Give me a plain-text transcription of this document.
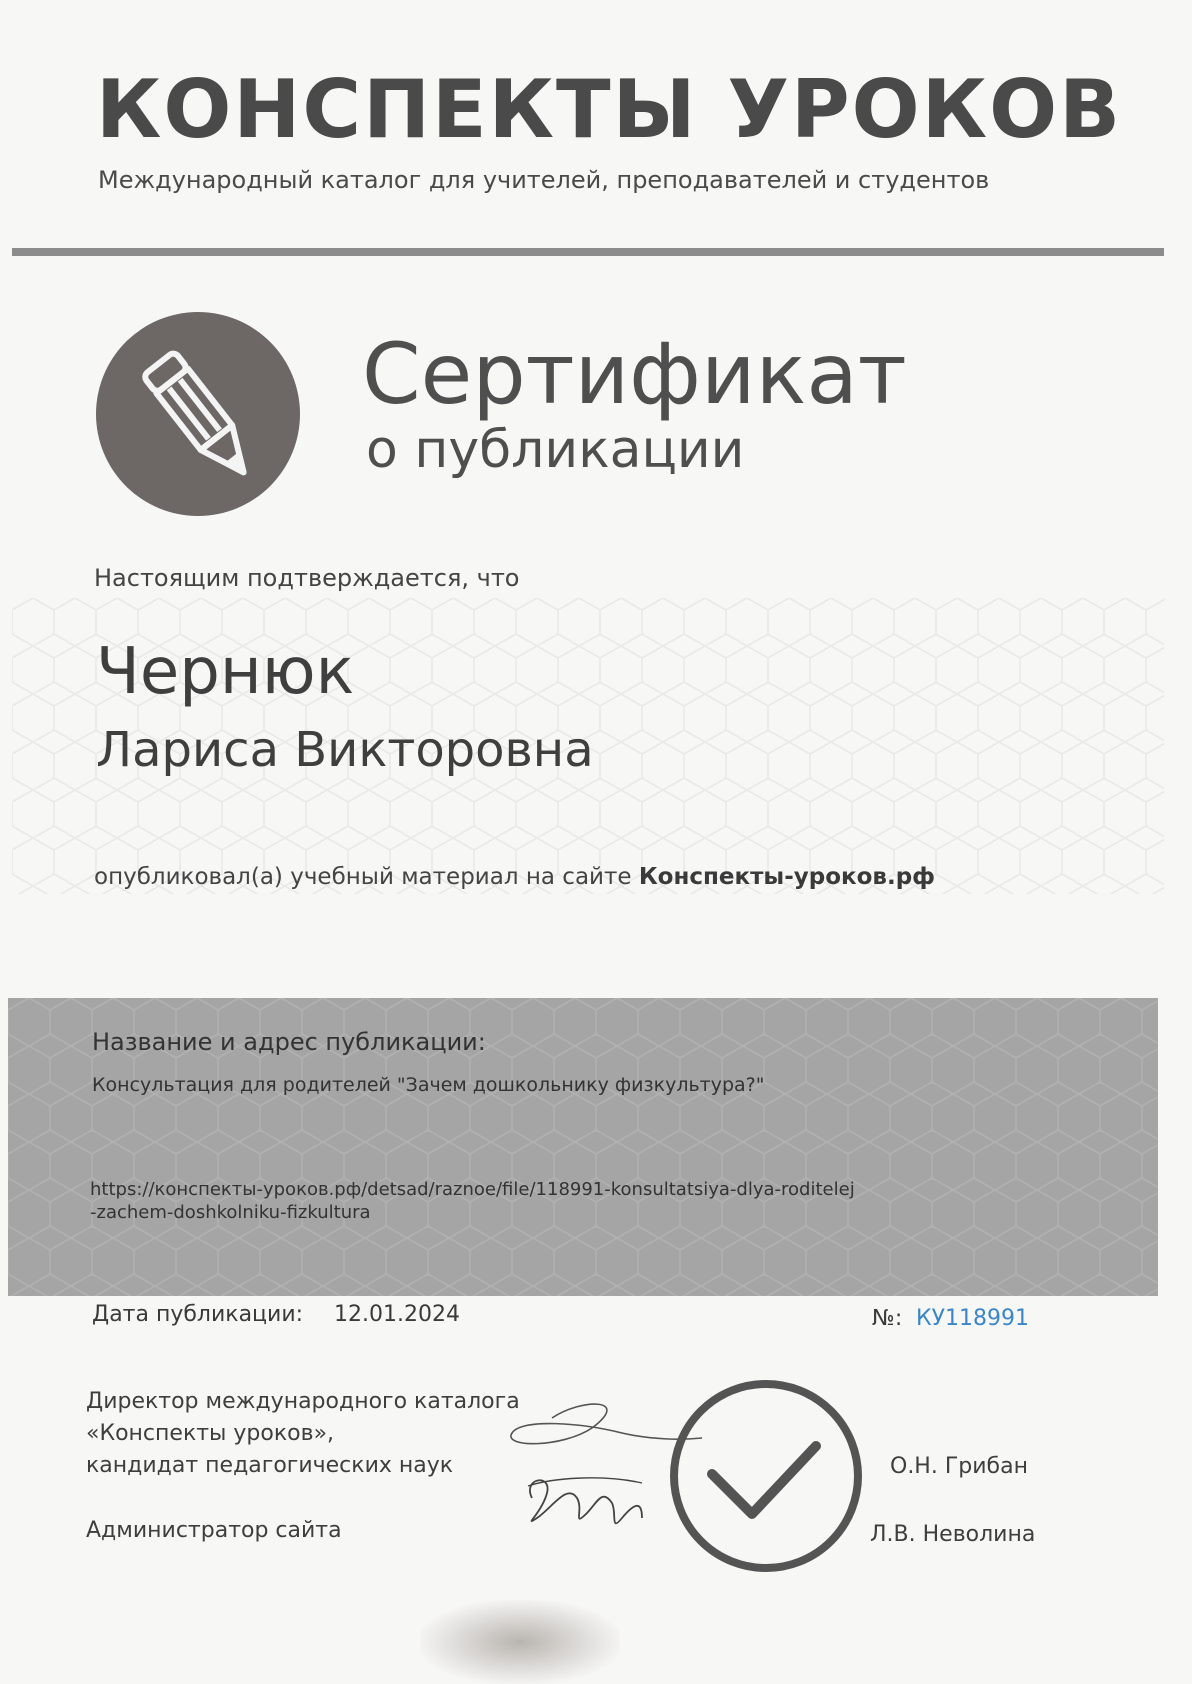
КОНСПЕКТЫ УРОКОВ
Международный каталог для учителей, преподавателей и студентов
Сертификат
о публикации
Настоящим подтверждается, что
Чернюк
Лариса Викторовна
опубликовал(а) учебный материал на сайте Конспекты-уроков.рф
Название и адрес публикации:
Консультация для родителей "Зачем дошкольнику физкультура?"
https://конспекты-уроков.рф/detsad/raznoe/file/118991-konsultatsiya-dlya-roditelej
-zachem-doshkolniku-fizkultura
Дата публикации: 12.01.2024	№: КУ118991
Директор международного каталога
«Конспекты уроков»,
кандидат педагогических наук	О.Н. Грибан
Администратор сайта	Л.В. Неволина
